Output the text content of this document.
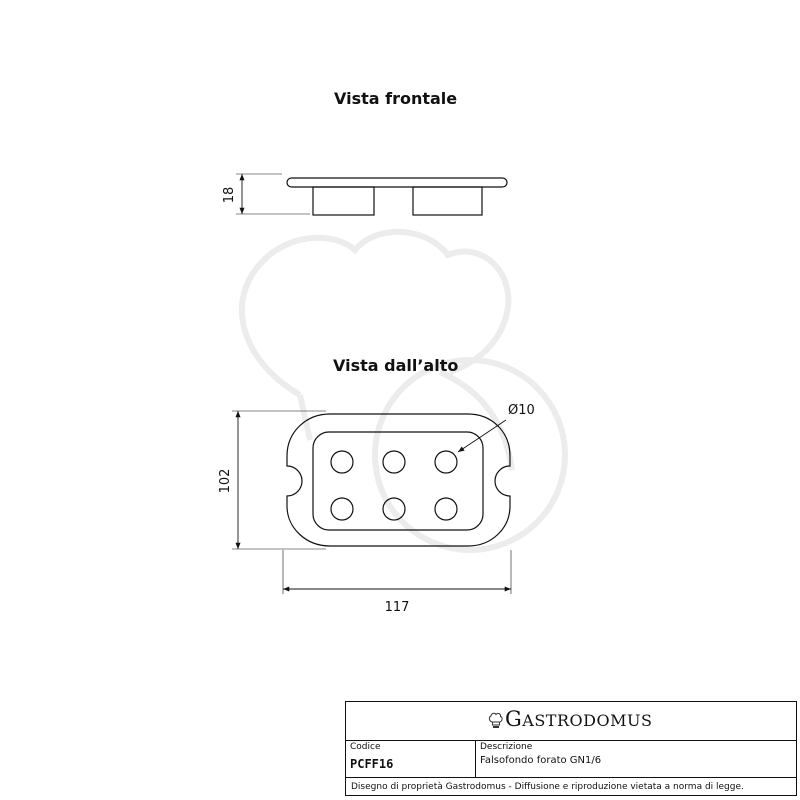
Vista frontale
18
Vista dall’alto
Ø10
102
117
GASTRODOMUS
Codice
PCFF16
Descrizione
Falsofondo forato GN1/6
Disegno di proprietà Gastrodomus - Diffusione e riproduzione vietata a norma di legge.
